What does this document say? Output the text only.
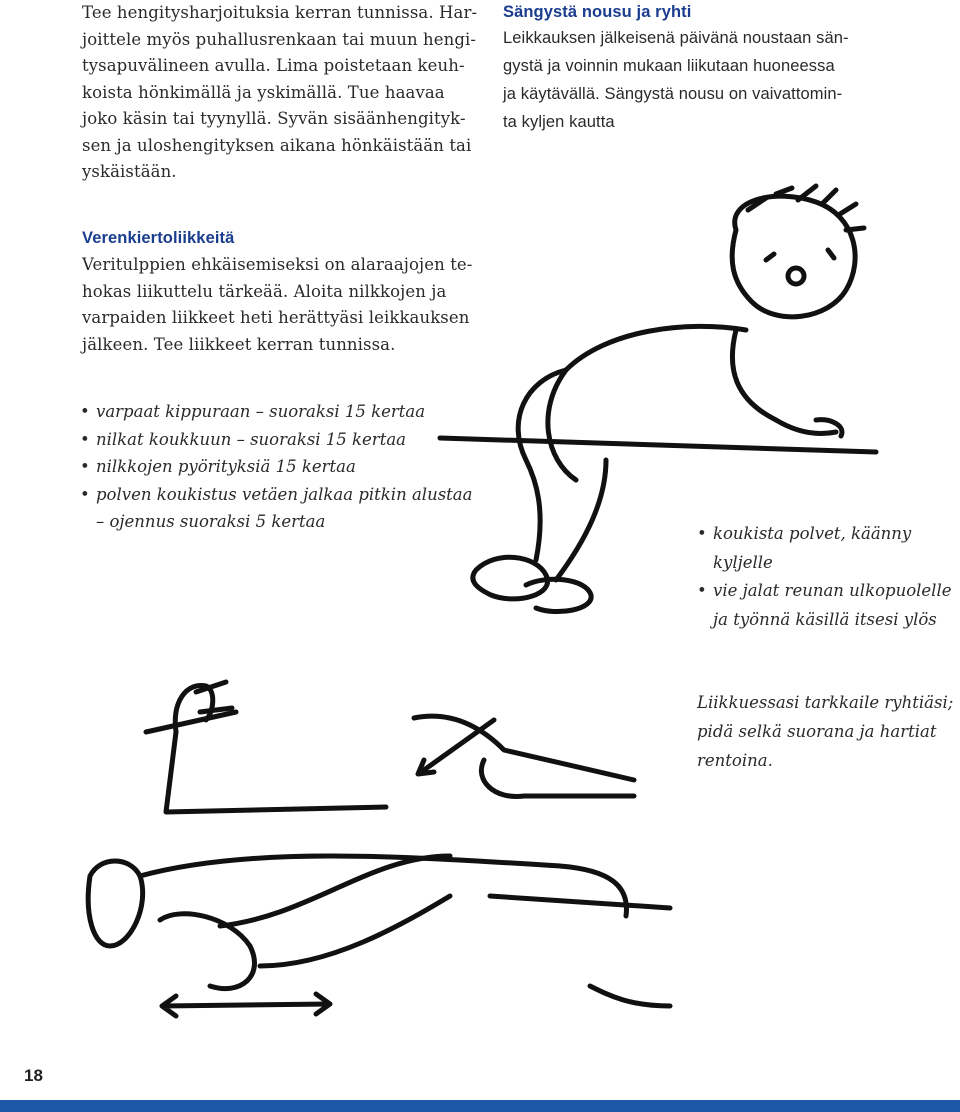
Tee hengitysharjoituksia kerran tunnissa. Har-
joittele myös puhallusrenkaan tai muun hengi-
tysapuvälineen avulla. Lima poistetaan keuh-
koista hönkimällä ja yskimällä. Tue haavaa
joko käsin tai tyynyllä. Syvän sisäänhengityk-
sen ja uloshengityksen aikana hönkäistään tai
yskäistään.
Verenkiertoliikkeitä
Veritulppien ehkäisemiseksi on alaraajojen te-
hokas liikuttelu tärkeää. Aloita nilkkojen ja
varpaiden liikkeet heti herättyäsi leikkauksen
jälkeen. Tee liikkeet kerran tunnissa.
• varpaat kippuraan – suoraksi 15 kertaa
• nilkat koukkuun – suoraksi 15 kertaa
• nilkkojen pyörityksiä 15 kertaa
• polven koukistus vetäen jalkaa pitkin alustaa – ojennus suoraksi 5 kertaa
Sängystä nousu ja ryhti
Leikkauksen jälkeisenä päivänä noustaan sän-
gystä ja voinnin mukaan liikutaan huoneessa
ja käytävällä. Sängystä nousu on vaivattomin-
ta kyljen kautta
• koukista polvet, käänny kyljelle
• vie jalat reunan ulkopuolelle ja työnnä käsillä itsesi ylös
Liikkuessasi tarkkaile ryhtiäsi; pidä selkä suorana ja hartiat rentoina.
18
